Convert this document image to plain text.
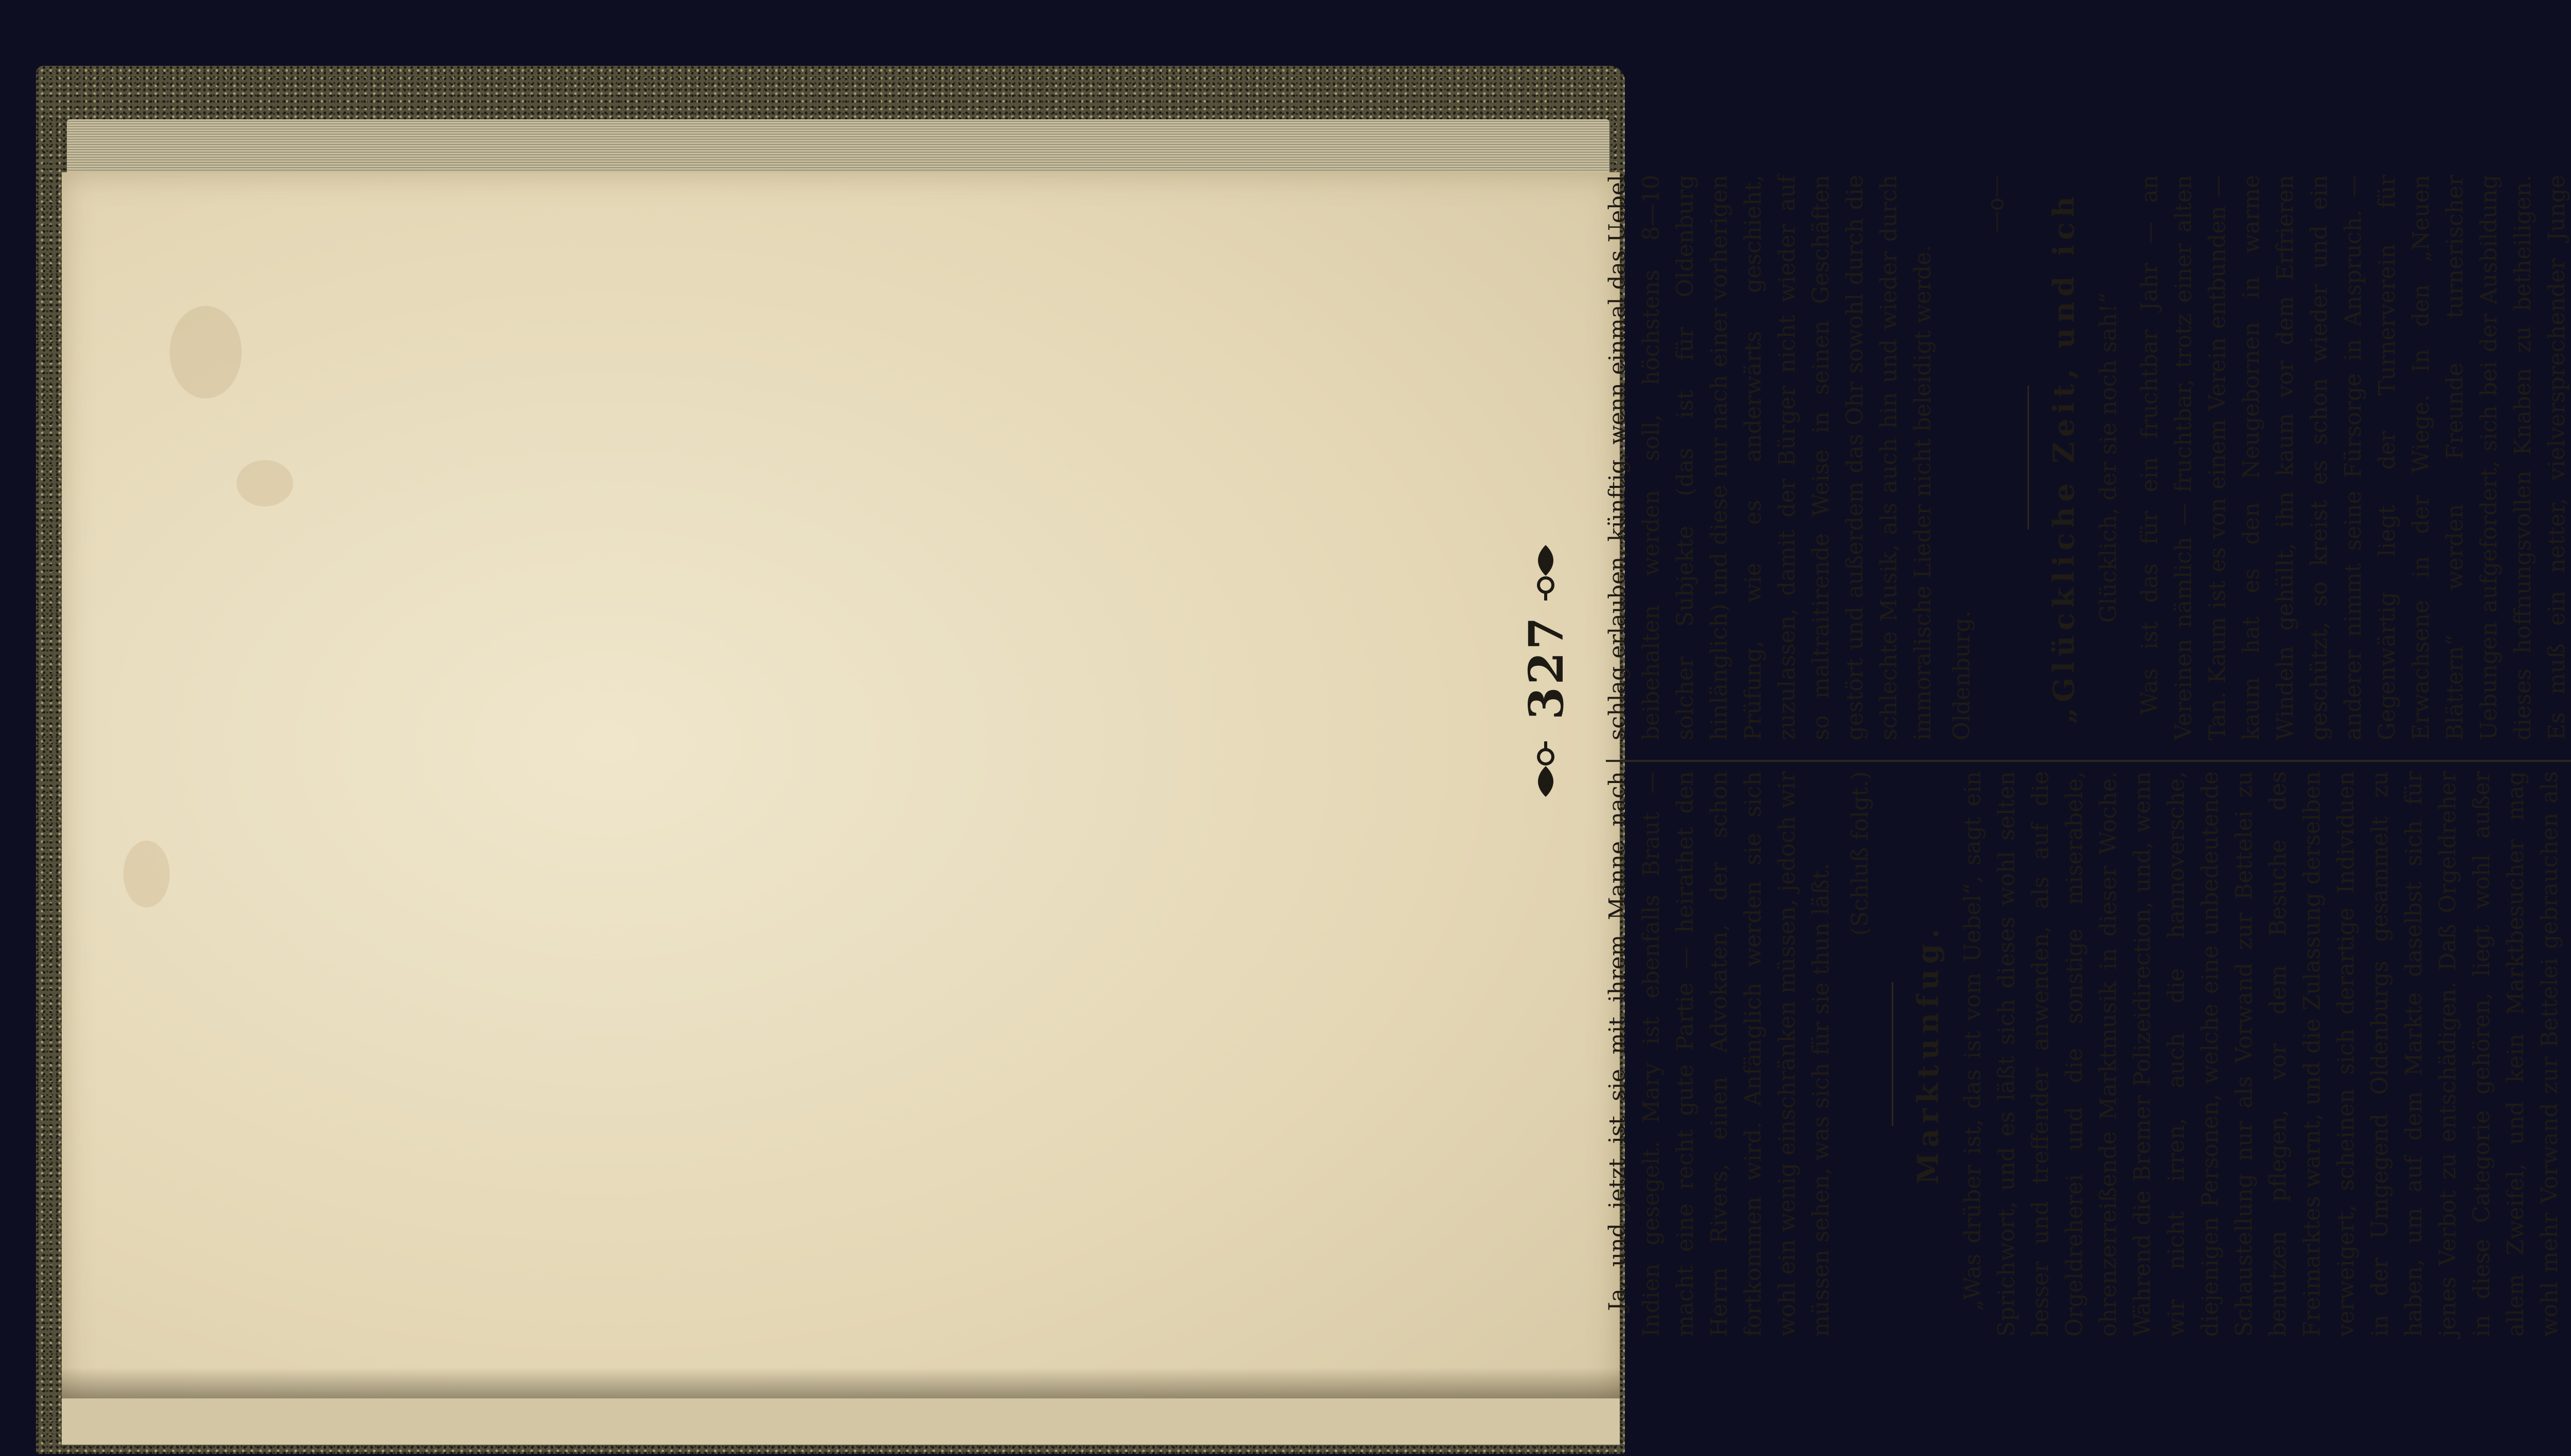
327

Ja, und jetzt ist sie mit ihrem Manne nach Indien gesegelt. Mary ist ebenfalls Braut — macht eine recht gute Partie — heirathet den Herrn Rivers, einen Advokaten, der schon fortkommen wird. Anfänglich werden sie sich wohl ein wenig einschränken müssen, jedoch wir müssen sehen, was sich für sie thun läßt.

(Schluß folgt.)
Marktunfug.

„Was drüber ist, das ist vom Uebel“, sagt ein Sprichwort, und es läßt sich dieses wohl selten besser und treffender anwenden, als auf die Orgeldreherei und die sonstige miserabele, ohrenzerreißende Marktmusik in dieser Woche. Während die Bremer Polizeidirection, und, wenn wir nicht irren, auch die hannoversche, diejenigen Personen, welche eine unbedeutende Schaustellung nur als Vorwand zur Bettelei zu benutzen pflegen, vor dem Besuche des Freimarktes warnt, und die Zulassung derselben verweigert, scheinen sich derartige Individuen in der Umgegend Oldenburgs gesammelt zu haben, um auf dem Markte daselbst sich für jenes Verbot zu entschädigen. Daß Orgeldreher in diese Categorie gehören, liegt wohl außer allem Zweifel, und kein Marktbesucher mag wohl mehr Vorwand zur Bettelei gebrauchen als

schlag erlauben, künftig, wenn einmal das Uebel beibehalten werden soll, höchstens 8—10 solcher Subjekte (das ist für Oldenburg hinlänglich) und diese nur nach einer vorherigen Prüfung, wie es anderwärts geschieht, zuzulassen, damit der Bürger nicht wieder auf so maltraitirende Weise in seinen Geschäften gestört und außerdem das Ohr sowohl durch die schlechte Musik, als auch hin und wieder durch immoralische Lieder nicht beleidigt werde. Oldenburg.
—o— „Glückliche Zeit, und ich Glücklich, der sie noch sah!“

Was ist das für ein fruchtbar Jahr — an Vereinen nämlich — fruchtbar, trotz einer alten Tan. Kaum ist es von einem Verein entbunden — kaum hat es den Neugebornen in warme Windeln gehüllt, ihn kaum vor dem Erfrieren geschützt, so kreist es schon wieder und ein anderer nimmt seine Fürsorge in Anspruch. — Gegenwärtig liegt der Turnerverein für Erwachsene in der Wiege. In den „Neuen Blättern“ werden Freunde turnerischer Uebungen aufgefordert, sich bei der Ausbildung dieses hoffnungsvollen Knaben zu betheiligen. Es muß ein netter, vielversprechender Junge
